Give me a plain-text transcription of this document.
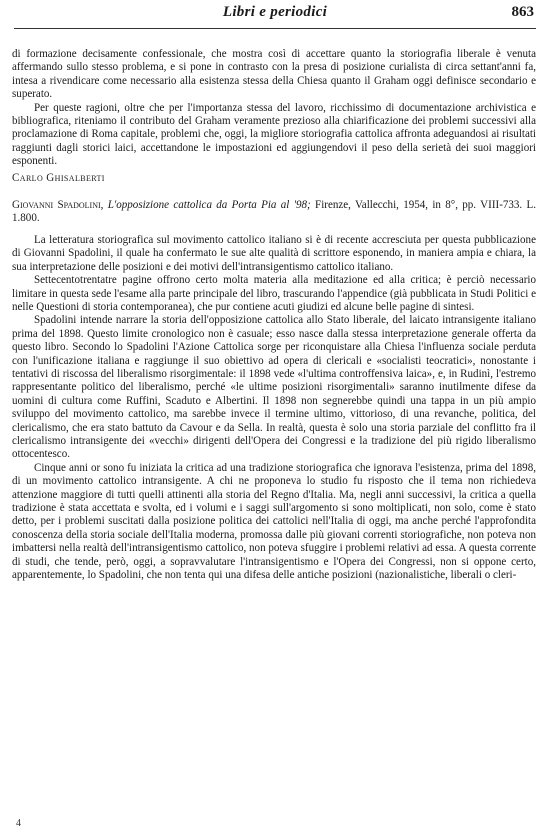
Libri e periodici	863

di formazione decisamente confessionale, che mostra così di accettare quanto la storiografia liberale è venuta affermando sullo stesso problema, e si pone in contrasto con la presa di posizione curialista di circa settant'anni fa, intesa a rivendicare come necessario alla esistenza stessa della Chiesa quanto il Graham oggi definisce secondario e superato.

Per queste ragioni, oltre che per l'importanza stessa del lavoro, ricchissimo di documentazione archivistica e bibliografica, riteniamo il contributo del Graham veramente prezioso alla chiarificazione dei problemi successivi alla proclamazione di Roma capitale, problemi che, oggi, la migliore storiografia cattolica affronta adeguandosi ai risultati raggiunti dagli storici laici, accettandone le impostazioni ed aggiungendovi il peso della serietà dei suoi maggiori esponenti.

Carlo Ghisalberti

Giovanni Spadolini, L'opposizione cattolica da Porta Pia al '98; Firenze, Vallecchi, 1954, in 8°, pp. VIII-733. L. 1.800.

La letteratura storiografica sul movimento cattolico italiano si è di recente accresciuta per questa pubblicazione di Giovanni Spadolini, il quale ha confermato le sue alte qualità di scrittore esponendo, in maniera ampia e chiara, la sua interpretazione delle posizioni e dei motivi dell'intransigentismo cattolico italiano.

Settecentotrentatre pagine offrono certo molta materia alla meditazione ed alla critica; è perciò necessario limitare in questa sede l'esame alla parte principale del libro, trascurando l'appendice (già pubblicata in Studi Politici e nelle Questioni di storia contemporanea), che pur contiene acuti giudizi ed alcune belle pagine di sintesi.

Spadolini intende narrare la storia dell'opposizione cattolica allo Stato liberale, del laicato intransigente italiano prima del 1898. Questo limite cronologico non è casuale; esso nasce dalla stessa interpretazione generale offerta da questo libro. Secondo lo Spadolini l'Azione Cattolica sorge per riconquistare alla Chiesa l'influenza sociale perduta con l'unificazione italiana e raggiunge il suo obiettivo ad opera di clericali e «socialisti teocratici», nonostante i tentativi di riscossa del liberalismo risorgimentale: il 1898 vede «l'ultima controffensiva laica», e, in Rudinì, l'estremo rappresentante politico del liberalismo, perché «le ultime posizioni risorgimentali» saranno inutilmente difese da uomini di cultura come Ruffini, Scaduto e Albertini. Il 1898 non segnerebbe quindi una tappa in un più ampio sviluppo del movimento cattolico, ma sarebbe invece il termine ultimo, vittorioso, di una revanche, politica, del clericalismo, che era stato battuto da Cavour e da Sella. In realtà, questa è solo una storia parziale del conflitto fra il clericalismo intransigente dei «vecchi» dirigenti dell'Opera dei Congressi e la tradizione del più rigido liberalismo ottocentesco.

Cinque anni or sono fu iniziata la critica ad una tradizione storiografica che ignorava l'esistenza, prima del 1898, di un movimento cattolico intransigente. A chi ne proponeva lo studio fu risposto che il tema non richiedeva attenzione maggiore di tutti quelli attinenti alla storia del Regno d'Italia. Ma, negli anni successivi, la critica a quella tradizione è stata accettata e svolta, ed i volumi e i saggi sull'argomento si sono moltiplicati, non solo, come è stato detto, per i problemi suscitati dalla posizione politica dei cattolici nell'Italia di oggi, ma anche perché l'approfondita conoscenza della storia sociale dell'Italia moderna, promossa dalle più giovani correnti storiografiche, non poteva non imbattersi nella realtà dell'intransigentismo cattolico, non poteva sfuggire i problemi relativi ad essa. A questa corrente di studi, che tende, però, oggi, a sopravvalutare l'intransigentismo e l'Opera dei Congressi, non si oppone certo, apparentemente, lo Spadolini, che non tenta qui una difesa delle antiche posizioni (nazionalistiche, liberali o cleri-

4
